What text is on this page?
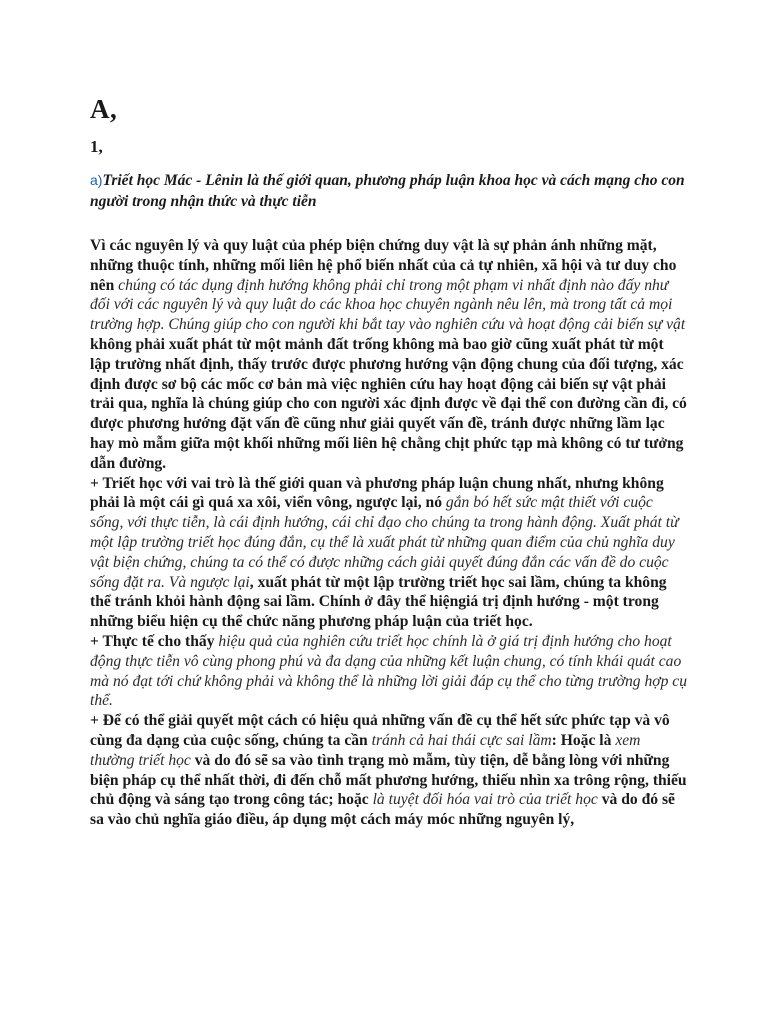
A,
1,
a)Triết học Mác - Lênin là thế giới quan, phương pháp luận khoa học và cách mạng cho con người trong nhận thức và thực tiễn

Vì các nguyên lý và quy luật của phép biện chứng duy vật là sự phản ánh những mặt, những thuộc tính, những mối liên hệ phổ biến nhất của cả tự nhiên, xã hội và tư duy cho nên chúng có tác dụng định hướng không phải chỉ trong một phạm vi nhất định nào đấy như đối với các nguyên lý và quy luật do các khoa học chuyên ngành nêu lên, mà trong tất cả mọi trường hợp. Chúng giúp cho con người khi bắt tay vào nghiên cứu và hoạt động cải biến sự vật không phải xuất phát từ một mảnh đất trống không mà bao giờ cũng xuất phát từ một lập trường nhất định, thấy trước được phương hướng vận động chung của đối tượng, xác định được sơ bộ các mốc cơ bản mà việc nghiên cứu hay hoạt động cải biến sự vật phải trải qua, nghĩa là chúng giúp cho con người xác định được về đại thể con đường cần đi, có được phương hướng đặt vấn đề cũng như giải quyết vấn đề, tránh được những lầm lạc hay mò mẫm giữa một khối những mối liên hệ chằng chịt phức tạp mà không có tư tưởng dẫn đường.

+ Triết học với vai trò là thế giới quan và phương pháp luận chung nhất, nhưng không phải là một cái gì quá xa xôi, viển vông, ngược lại, nó gắn bó hết sức mật thiết với cuộc sống, với thực tiễn, là cái định hướng, cái chỉ đạo cho chúng ta trong hành động. Xuất phát từ một lập trường triết học đúng đắn, cụ thể là xuất phát từ những quan điểm của chủ nghĩa duy vật biện chứng, chúng ta có thể có được những cách giải quyết đúng đắn các vấn đề do cuộc sống đặt ra. Và ngược lại, xuất phát từ một lập trường triết học sai lầm, chúng ta không thể tránh khỏi hành động sai lầm. Chính ở đây thể hiệngiá trị định hướng - một trong những biểu hiện cụ thể chức năng phương pháp luận của triết học.

+ Thực tế cho thấy hiệu quả của nghiên cứu triết học chính là ở giá trị định hướng cho hoạt động thực tiễn vô cùng phong phú và đa dạng của những kết luận chung, có tính khái quát cao mà nó đạt tới chứ không phải và không thể là những lời giải đáp cụ thể cho từng trường hợp cụ thể.

+ Để có thể giải quyết một cách có hiệu quả những vấn đề cụ thể hết sức phức tạp và vô cùng đa dạng của cuộc sống, chúng ta cần tránh cả hai thái cực sai lầm: Hoặc là xem thường triết học và do đó sẽ sa vào tình trạng mò mẫm, tùy tiện, dễ bằng lòng với những biện pháp cụ thể nhất thời, đi đến chỗ mất phương hướng, thiếu nhìn xa trông rộng, thiếu chủ động và sáng tạo trong công tác; hoặc là tuyệt đối hóa vai trò của triết học và do đó sẽ sa vào chủ nghĩa giáo điều, áp dụng một cách máy móc những nguyên lý,
